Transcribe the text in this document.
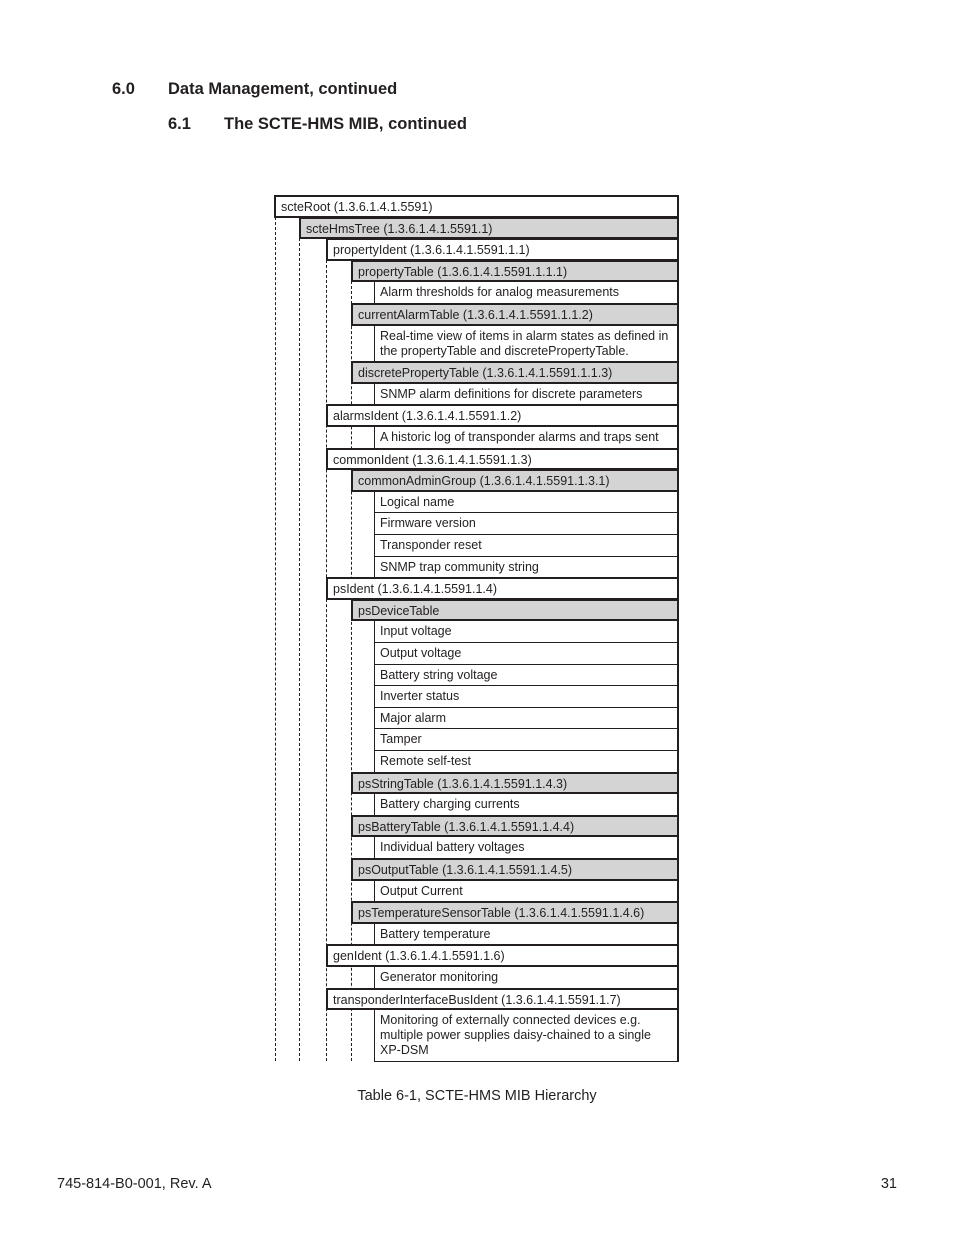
6.0 Data Management, continued
6.1 The SCTE-HMS MIB, continued
scteRoot (1.3.6.1.4.1.5591)
scteHmsTree (1.3.6.1.4.1.5591.1)
propertyIdent (1.3.6.1.4.1.5591.1.1)
propertyTable (1.3.6.1.4.1.5591.1.1.1)
Alarm thresholds for analog measurements
currentAlarmTable (1.3.6.1.4.1.5591.1.1.2)
Real-time view of items in alarm states as defined in the propertyTable and discretePropertyTable.
discretePropertyTable (1.3.6.1.4.1.5591.1.1.3)
SNMP alarm definitions for discrete parameters
alarmsIdent (1.3.6.1.4.1.5591.1.2)
A historic log of transponder alarms and traps sent
commonIdent (1.3.6.1.4.1.5591.1.3)
commonAdminGroup (1.3.6.1.4.1.5591.1.3.1)
Logical name
Firmware version
Transponder reset
SNMP trap community string
psIdent (1.3.6.1.4.1.5591.1.4)
psDeviceTable
Input voltage
Output voltage
Battery string voltage
Inverter status
Major alarm
Tamper
Remote self-test
psStringTable (1.3.6.1.4.1.5591.1.4.3)
Battery charging currents
psBatteryTable (1.3.6.1.4.1.5591.1.4.4)
Individual battery voltages
psOutputTable (1.3.6.1.4.1.5591.1.4.5)
Output Current
psTemperatureSensorTable (1.3.6.1.4.1.5591.1.4.6)
Battery temperature
genIdent (1.3.6.1.4.1.5591.1.6)
Generator monitoring
transponderInterfaceBusIdent (1.3.6.1.4.1.5591.1.7)
Monitoring of externally connected devices e.g. multiple power supplies daisy-chained to a single XP-DSM
Table 6-1, SCTE-HMS MIB Hierarchy
745-814-B0-001, Rev. A	31
